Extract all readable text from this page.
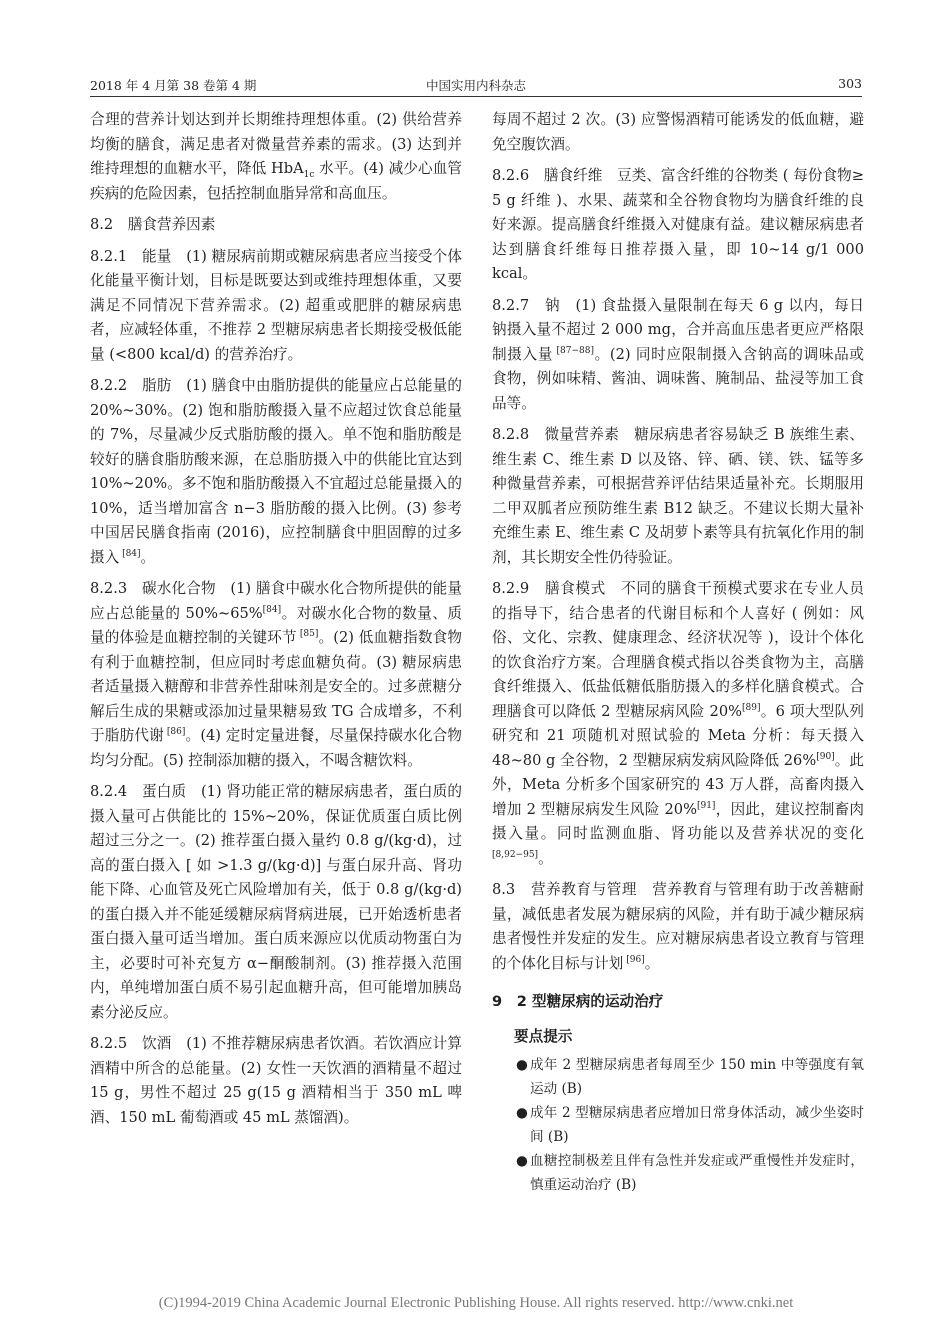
2018 年 4 月第 38 卷第 4 期	中国实用内科杂志	303

合理的营养计划达到并长期维持理想体重。(2) 供给营养均衡的膳食，满足患者对微量营养素的需求。(3) 达到并维持理想的血糖水平，降低 HbA$_{1c}$ 水平。(4) 减少心血管疾病的危险因素，包括控制血脂异常和高血压。

8.2　膳食营养因素

8.2.1　能量　(1) 糖尿病前期或糖尿病患者应当接受个体化能量平衡计划，目标是既要达到或维持理想体重，又要满足不同情况下营养需求。(2) 超重或肥胖的糖尿病患者，应减轻体重，不推荐 2 型糖尿病患者长期接受极低能量 (<800 kcal/d) 的营养治疗。

8.2.2　脂肪　(1) 膳食中由脂肪提供的能量应占总能量的 20%~30%。(2) 饱和脂肪酸摄入量不应超过饮食总能量的 7%，尽量减少反式脂肪酸的摄入。单不饱和脂肪酸是较好的膳食脂肪酸来源，在总脂肪摄入中的供能比宜达到 10%~20%。多不饱和脂肪酸摄入不宜超过总能量摄入的 10%，适当增加富含 n−3 脂肪酸的摄入比例。(3) 参考中国居民膳食指南 (2016)，应控制膳食中胆固醇的过多摄入 [84]。

8.2.3　碳水化合物　(1) 膳食中碳水化合物所提供的能量应占总能量的 50%~65%[84]。对碳水化合物的数量、质量的体验是血糖控制的关键环节 [85]。(2) 低血糖指数食物有利于血糖控制，但应同时考虑血糖负荷。(3) 糖尿病患者适量摄入糖醇和非营养性甜味剂是安全的。过多蔗糖分解后生成的果糖或添加过量果糖易致 TG 合成增多，不利于脂肪代谢 [86]。(4) 定时定量进餐，尽量保持碳水化合物均匀分配。(5) 控制添加糖的摄入，不喝含糖饮料。

8.2.4　蛋白质　(1) 肾功能正常的糖尿病患者，蛋白质的摄入量可占供能比的 15%~20%，保证优质蛋白质比例超过三分之一。(2) 推荐蛋白摄入量约 0.8 g/(kg·d)，过高的蛋白摄入 [ 如 >1.3 g/(kg·d)] 与蛋白尿升高、肾功能下降、心血管及死亡风险增加有关，低于 0.8 g/(kg·d) 的蛋白摄入并不能延缓糖尿病肾病进展，已开始透析患者蛋白摄入量可适当增加。蛋白质来源应以优质动物蛋白为主，必要时可补充复方 α−酮酸制剂。(3) 推荐摄入范围内，单纯增加蛋白质不易引起血糖升高，但可能增加胰岛素分泌反应。

8.2.5　饮酒　(1) 不推荐糖尿病患者饮酒。若饮酒应计算酒精中所含的总能量。(2) 女性一天饮酒的酒精量不超过 15 g，男性不超过 25 g(15 g 酒精相当于 350 mL 啤酒、150 mL 葡萄酒或 45 mL 蒸馏酒)。

每周不超过 2 次。(3) 应警惕酒精可能诱发的低血糖，避免空腹饮酒。

8.2.6　膳食纤维　豆类、富含纤维的谷物类 ( 每份食物≥ 5 g 纤维 )、水果、蔬菜和全谷物食物均为膳食纤维的良好来源。提高膳食纤维摄入对健康有益。建议糖尿病患者达到膳食纤维每日推荐摄入量，即 10~14 g/1 000 kcal。

8.2.7　钠　(1) 食盐摄入量限制在每天 6 g 以内，每日钠摄入量不超过 2 000 mg，合并高血压患者更应严格限制摄入量 [87−88]。(2) 同时应限制摄入含钠高的调味品或食物，例如味精、酱油、调味酱、腌制品、盐浸等加工食品等。

8.2.8　微量营养素　糖尿病患者容易缺乏 B 族维生素、维生素 C、维生素 D 以及铬、锌、硒、镁、铁、锰等多种微量营养素，可根据营养评估结果适量补充。长期服用二甲双胍者应预防维生素 B12 缺乏。不建议长期大量补充维生素 E、维生素 C 及胡萝卜素等具有抗氧化作用的制剂，其长期安全性仍待验证。

8.2.9　膳食模式　不同的膳食干预模式要求在专业人员的指导下，结合患者的代谢目标和个人喜好 ( 例如：风俗、文化、宗教、健康理念、经济状况等 )，设计个体化的饮食治疗方案。合理膳食模式指以谷类食物为主，高膳食纤维摄入、低盐低糖低脂肪摄入的多样化膳食模式。合理膳食可以降低 2 型糖尿病风险 20%[89]。6 项大型队列研究和 21 项随机对照试验的 Meta 分析：每天摄入 48~80 g 全谷物，2 型糖尿病发病风险降低 26%[90]。此外，Meta 分析多个国家研究的 43 万人群，高畜肉摄入增加 2 型糖尿病发生风险 20%[91]，因此，建议控制畜肉摄入量。同时监测血脂、肾功能以及营养状况的变化 [8,92−95]。

8.3　营养教育与管理　营养教育与管理有助于改善糖耐量，减低患者发展为糖尿病的风险，并有助于减少糖尿病患者慢性并发症的发生。应对糖尿病患者设立教育与管理的个体化目标与计划 [96]。

9　2 型糖尿病的运动治疗

要点提示

● 成年 2 型糖尿病患者每周至少 150 min 中等强度有氧运动 (B)

● 成年 2 型糖尿病患者应增加日常身体活动，减少坐姿时间 (B)

● 血糖控制极差且伴有急性并发症或严重慢性并发症时，慎重运动治疗 (B)

(C)1994-2019 China Academic Journal Electronic Publishing House. All rights reserved. http://www.cnki.net
